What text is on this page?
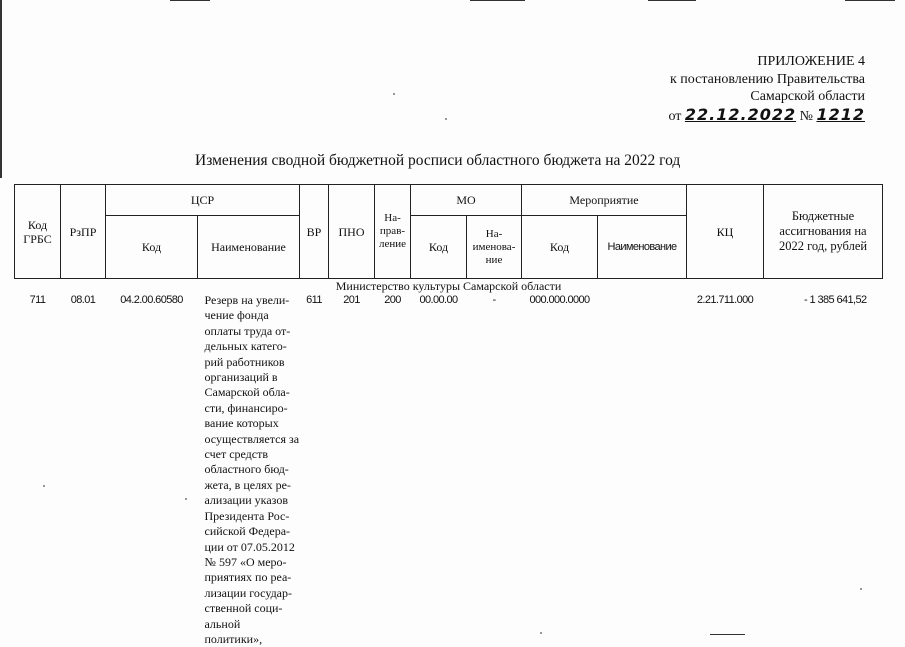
ПРИЛОЖЕНИЕ 4
к постановлению Правительства
Самарской области
от 22.12.2022 № 1212
Изменения сводной бюджетной росписи областного бюджета на 2022 год
Код ГРБС	РзПР	ЦСР		ВР	ПНО	На-прав-ление	МО		Мероприятие		КЦ	Бюджетные ассигнования на 2022 год, рублей
		Код	Наименование				Код	На-именова-ние	Код	Наименование		
Министерство культуры Самарской области												
711	08.01	04.2.00.60580	Резерв на увели-чение фонда оплаты труда от-дельных катего-рий работников организаций в Самарской обла-сти, финансиро-вание которых осуществляется за счет средств областного бюд-жета, в целях ре-ализации указов Президента Рос-сийской Федера-ции от 07.05.2012 № 597 «О меро-приятиях по реа-лизации государ-ственной соци-альной политики»,	611	201	200	00.00.00	-	000.000.0000		2.21.711.000	- 1 385 641,52
